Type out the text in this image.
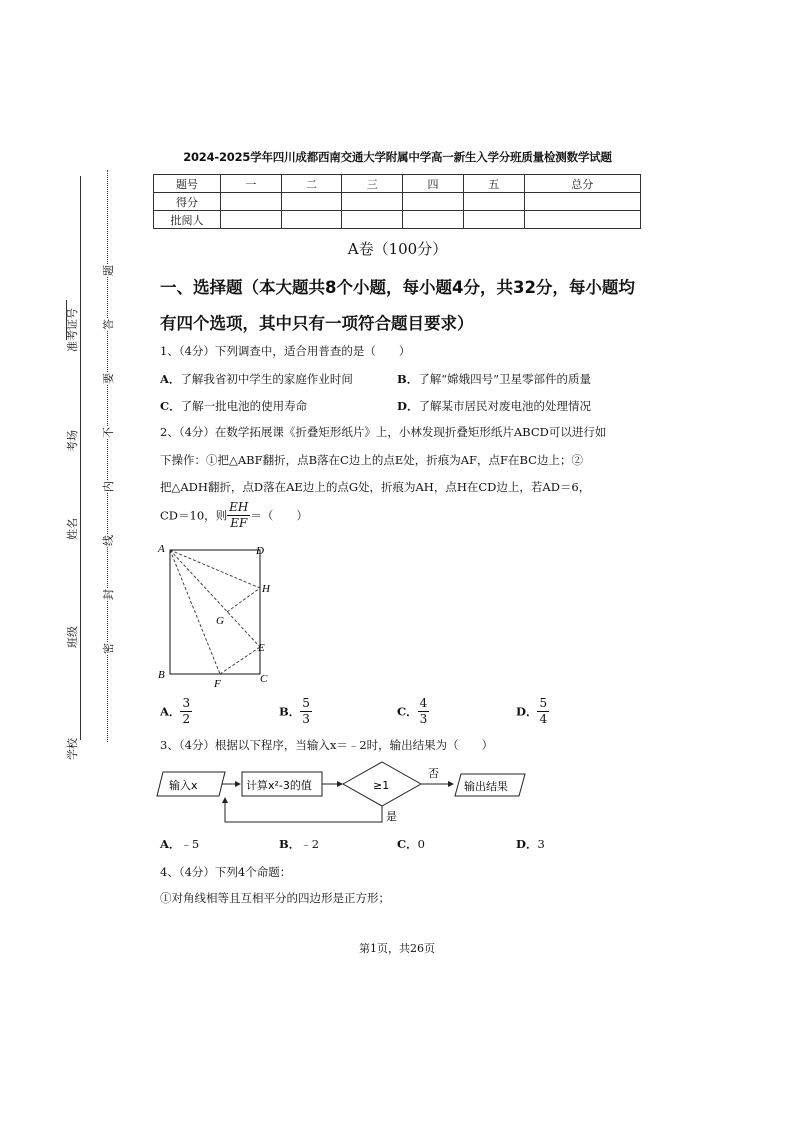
准考证号
考场
姓名
班级
学校
题
答
要
不
内
线
封
密
2024-2025学年四川成都西南交通大学附属中学高一新生入学分班质量检测数学试题
题号	一	二	三	四	五	总分
得分						
批阅人						
A卷（100分）
一、选择题（本大题共8个小题，每小题4分，共32分，每小题均
有四个选项，其中只有一项符合题目要求）
1、（4分）下列调查中，适合用普查的是（　　）
A．了解我省初中学生的家庭作业时间	B．了解“嫦娥四号”卫星零部件的质量
C．了解一批电池的使用寿命	D．了解某市居民对废电池的处理情况
2、（4分）在数学拓展课《折叠矩形纸片》上，小林发现折叠矩形纸片ABCD可以进行如
下操作：①把△ABF翻折，点B落在C边上的点E处，折痕为AF，点F在BC边上；②
把△ADH翻折，点D落在AE边上的点G处，折痕为AH，点H在CD边上，若AD＝6，
CD＝10，则 $\frac{EH}{EF}$ ＝（　　）
A	D
H
G
E
B
F	C
A． $\frac{3}{2}$	B． $\frac{5}{3}$	C． $\frac{4}{3}$	D． $\frac{5}{4}$
3、（4分）根据以下程序，当输入x＝﹣2时，输出结果为（　　）
输入x	计算x²-3的值	≥1
否
输出结果
是
A．﹣5	B．﹣2	C．0	D．3
4、（4分）下列4个命题：
①对角线相等且互相平分的四边形是正方形；
第1页，共26页
